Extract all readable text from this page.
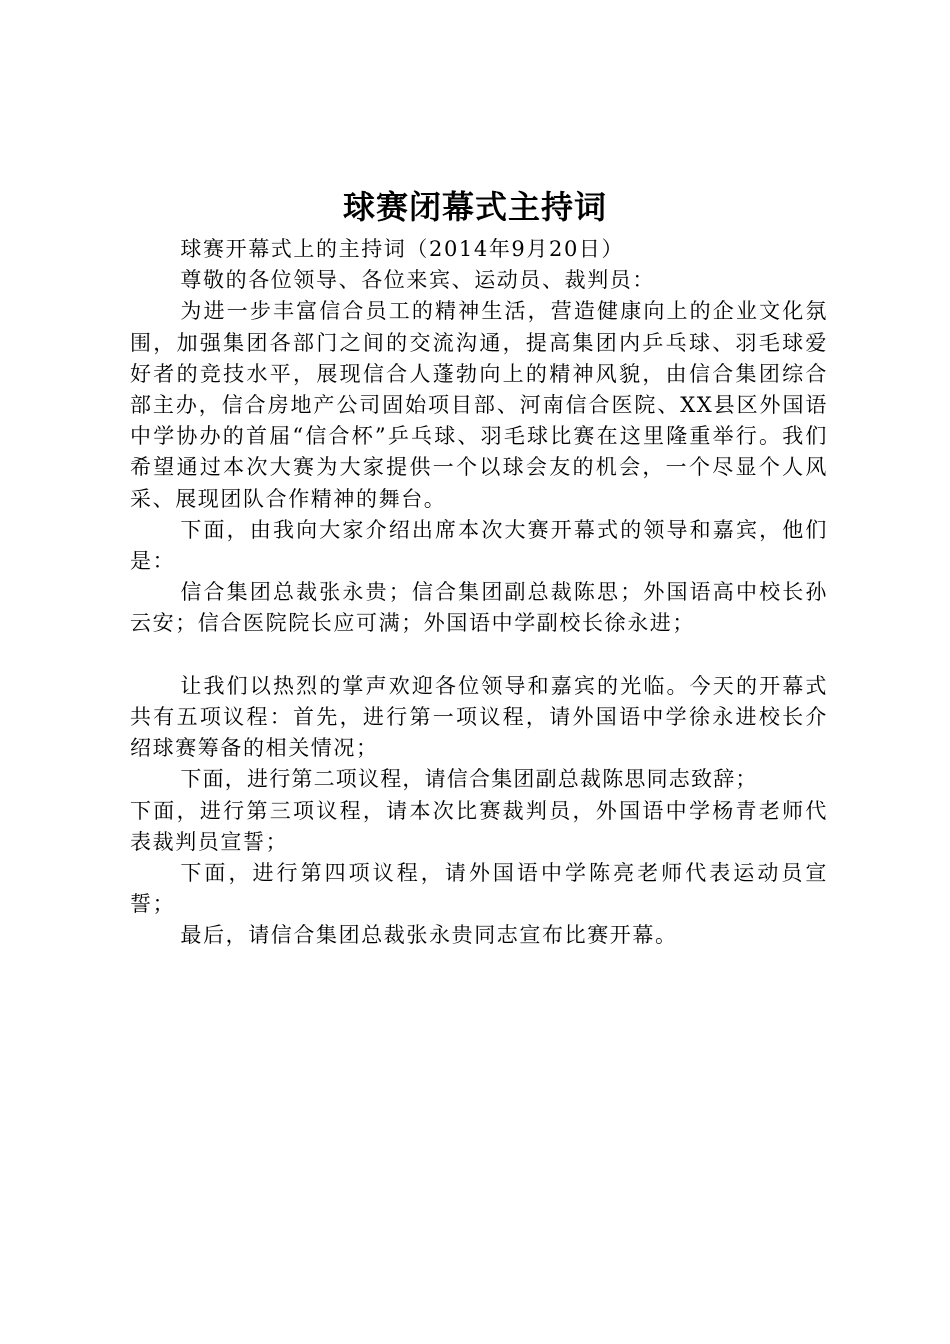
球赛闭幕式主持词

球赛开幕式上的主持词（2014年9月20日）

尊敬的各位领导、各位来宾、运动员、裁判员：

为进一步丰富信合员工的精神生活，营造健康向上的企业文化氛围，加强集团各部门之间的交流沟通，提高集团内乒乓球、羽毛球爱好者的竞技水平，展现信合人蓬勃向上的精神风貌，由信合集团综合部主办，信合房地产公司固始项目部、河南信合医院、XX县区外国语中学协办的首届“信合杯”乒乓球、羽毛球比赛在这里隆重举行。我们希望通过本次大赛为大家提供一个以球会友的机会，一个尽显个人风采、展现团队合作精神的舞台。

下面，由我向大家介绍出席本次大赛开幕式的领导和嘉宾，他们是：

信合集团总裁张永贵；信合集团副总裁陈思；外国语高中校长孙云安；信合医院院长应可满；外国语中学副校长徐永进；

让我们以热烈的掌声欢迎各位领导和嘉宾的光临。今天的开幕式共有五项议程：首先，进行第一项议程，请外国语中学徐永进校长介绍球赛筹备的相关情况；

下面，进行第二项议程，请信合集团副总裁陈思同志致辞；

下面，进行第三项议程，请本次比赛裁判员，外国语中学杨青老师代表裁判员宣誓；

下面，进行第四项议程，请外国语中学陈亮老师代表运动员宣誓；

最后，请信合集团总裁张永贵同志宣布比赛开幕。
